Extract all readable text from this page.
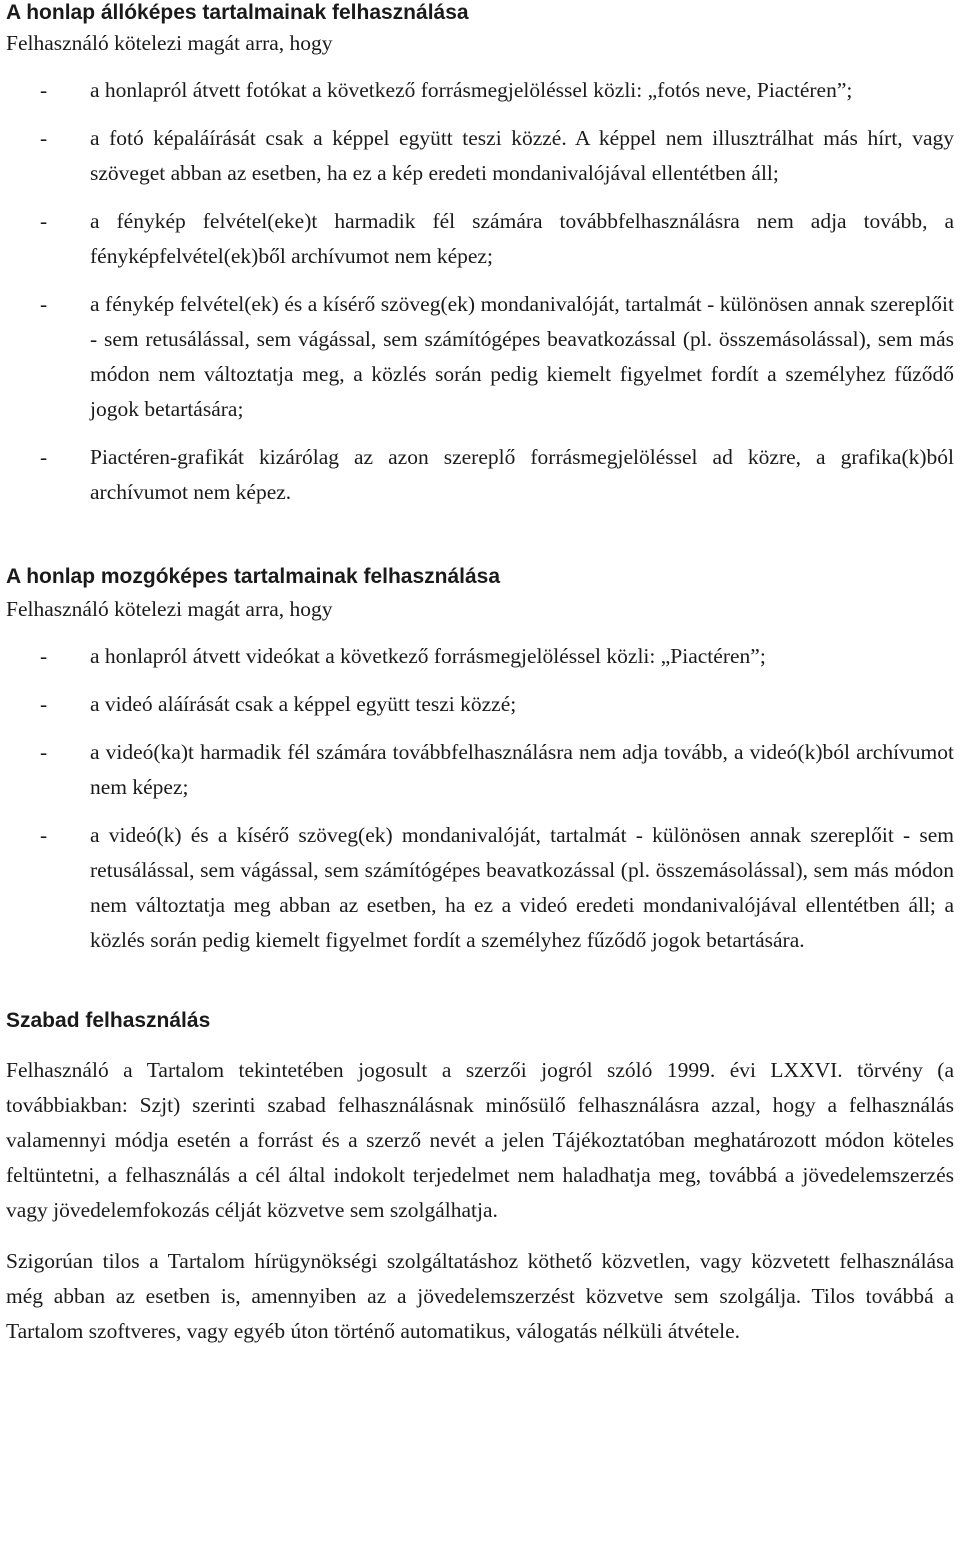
A honlap állóképes tartalmainak felhasználása

Felhasználó kötelezi magát arra, hogy

- a honlapról átvett fotókat a következő forrásmegjelöléssel közli: „fotós neve, Piactéren”;
- a fotó képaláírását csak a képpel együtt teszi közzé. A képpel nem illusztrálhat más hírt, vagy szöveget abban az esetben, ha ez a kép eredeti mondanivalójával ellentétben áll;
- a fénykép felvétel(eke)t harmadik fél számára továbbfelhasználásra nem adja tovább, a fényképfelvétel(ek)ből archívumot nem képez;
- a fénykép felvétel(ek) és a kísérő szöveg(ek) mondanivalóját, tartalmát - különösen annak szereplőit - sem retusálással, sem vágással, sem számítógépes beavatkozással (pl. összemásolással), sem más módon nem változtatja meg, a közlés során pedig kiemelt figyelmet fordít a személyhez fűződő jogok betartására;
- Piactéren-grafikát kizárólag az azon szereplő forrásmegjelöléssel ad közre, a grafika(k)ból archívumot nem képez.
A honlap mozgóképes tartalmainak felhasználása

Felhasználó kötelezi magát arra, hogy

- a honlapról átvett videókat a következő forrásmegjelöléssel közli: „Piactéren”;
- a videó aláírását csak a képpel együtt teszi közzé;
- a videó(ka)t harmadik fél számára továbbfelhasználásra nem adja tovább, a videó(k)ból archívumot nem képez;
- a videó(k) és a kísérő szöveg(ek) mondanivalóját, tartalmát - különösen annak szereplőit - sem retusálással, sem vágással, sem számítógépes beavatkozással (pl. összemásolással), sem más módon nem változtatja meg abban az esetben, ha ez a videó eredeti mondanivalójával ellentétben áll; a közlés során pedig kiemelt figyelmet fordít a személyhez fűződő jogok betartására.
Szabad felhasználás

Felhasználó a Tartalom tekintetében jogosult a szerzői jogról szóló 1999. évi LXXVI. törvény (a továbbiakban: Szjt) szerinti szabad felhasználásnak minősülő felhasználásra azzal, hogy a felhasználás valamennyi módja esetén a forrást és a szerző nevét a jelen Tájékoztatóban meghatározott módon köteles feltüntetni, a felhasználás a cél által indokolt terjedelmet nem haladhatja meg, továbbá a jövedelemszerzés vagy jövedelemfokozás célját közvetve sem szolgálhatja.

Szigorúan tilos a Tartalom hírügynökségi szolgáltatáshoz köthető közvetlen, vagy közvetett felhasználása még abban az esetben is, amennyiben az a jövedelemszerzést közvetve sem szolgálja. Tilos továbbá a Tartalom szoftveres, vagy egyéb úton történő automatikus, válogatás nélküli átvétele.
